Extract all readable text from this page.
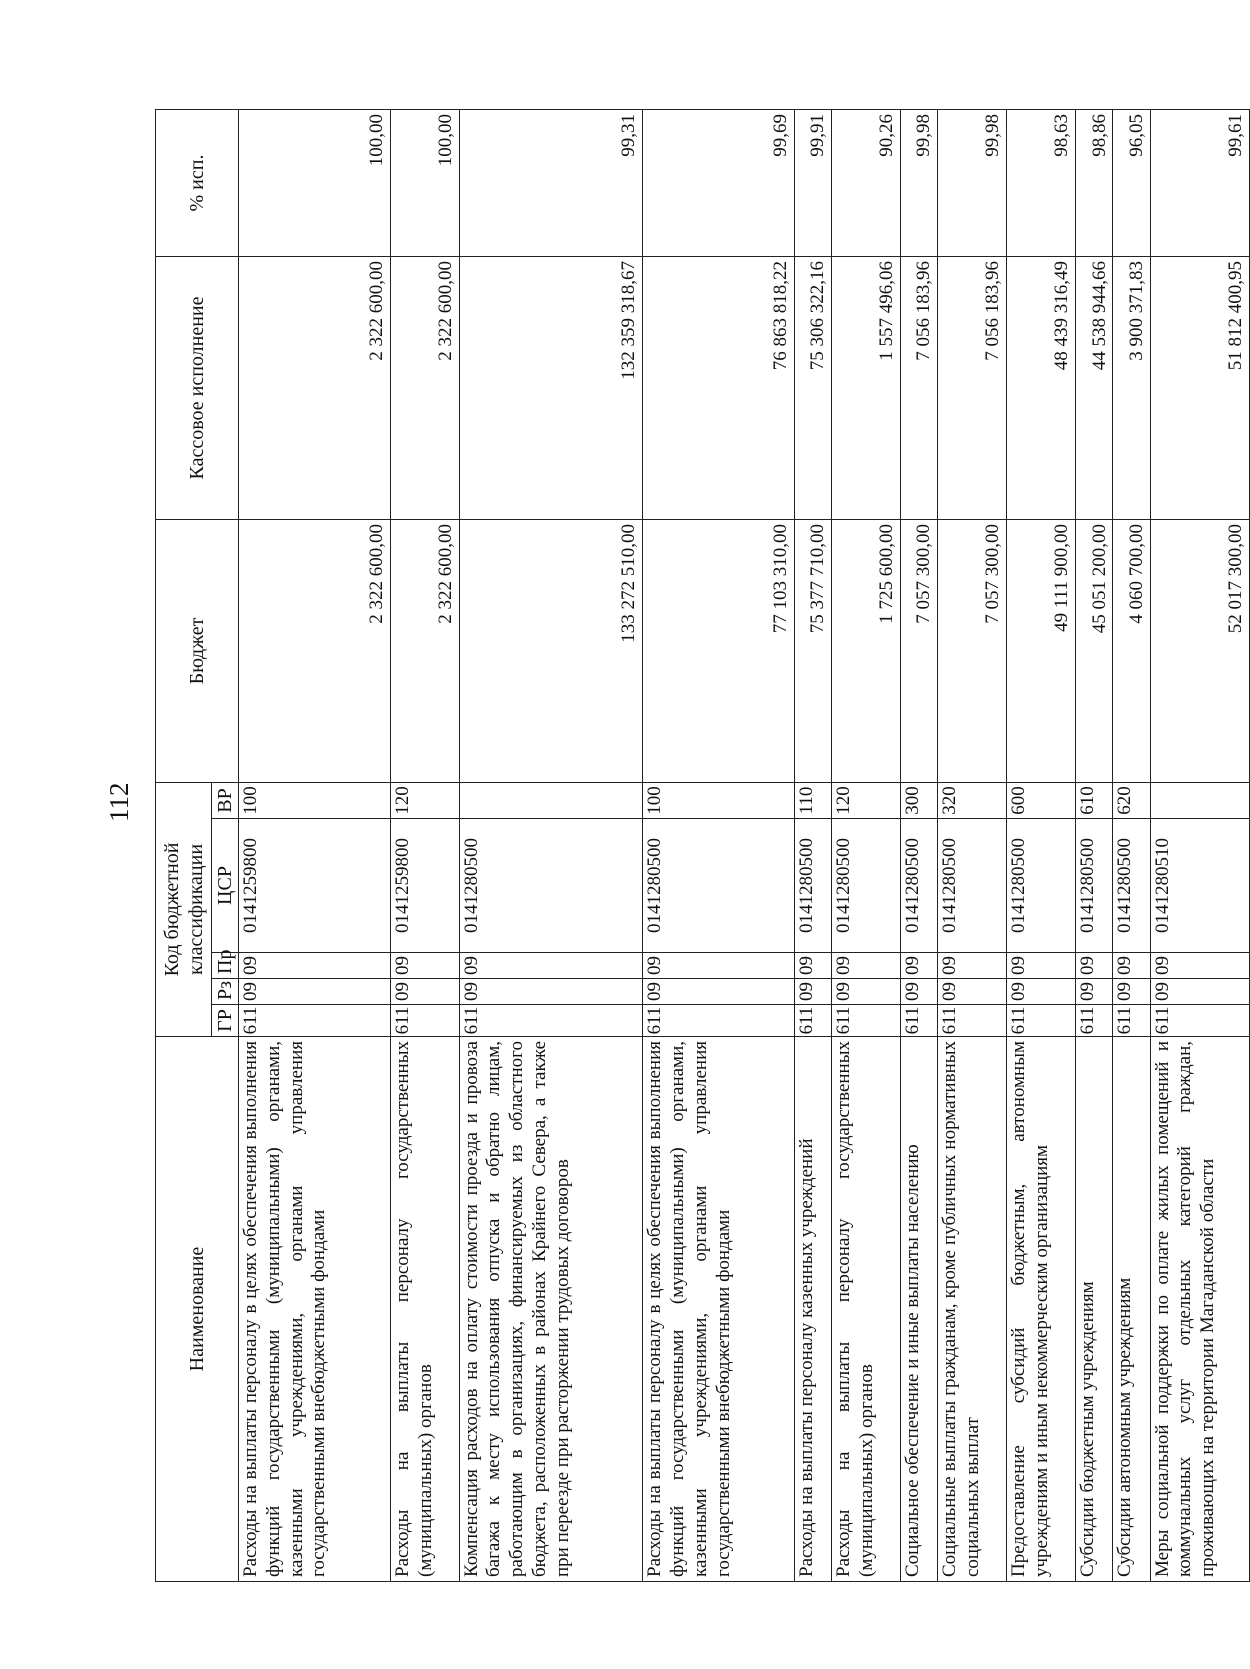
112
Наименование	Код бюджетной классификации					Бюджет	Кассовое исполнение	% исп.
	ГР	Рз	Пр	ЦСР	ВР			
Расходы на выплаты персоналу в целях обеспечения выполнения функций государственными (муниципальными) органами, казенными учреждениями, органами управления государственными внебюджетными фондами	611	09	09	0141259800	100	2 322 600,00	2 322 600,00	100,00
Расходы на выплаты персоналу государственных (муниципальных) органов	611	09	09	0141259800	120	2 322 600,00	2 322 600,00	100,00
Компенсация расходов на оплату стоимости проезда и провоза багажа к месту использования отпуска и обратно лицам, работающим в организациях, финансируемых из областного бюджета, расположенных в районах Крайнего Севера, а также при переезде при расторжении трудовых договоров	611	09	09	0141280500		133 272 510,00	132 359 318,67	99,31
Расходы на выплаты персоналу в целях обеспечения выполнения функций государственными (муниципальными) органами, казенными учреждениями, органами управления государственными внебюджетными фондами	611	09	09	0141280500	100	77 103 310,00	76 863 818,22	99,69
Расходы на выплаты персоналу казенных учреждений	611	09	09	0141280500	110	75 377 710,00	75 306 322,16	99,91
Расходы на выплаты персоналу государственных (муниципальных) органов	611	09	09	0141280500	120	1 725 600,00	1 557 496,06	90,26
Социальное обеспечение и иные выплаты населению	611	09	09	0141280500	300	7 057 300,00	7 056 183,96	99,98
Социальные выплаты гражданам, кроме публичных нормативных социальных выплат	611	09	09	0141280500	320	7 057 300,00	7 056 183,96	99,98
Предоставление субсидий бюджетным, автономным учреждениям и иным некоммерческим организациям	611	09	09	0141280500	600	49 111 900,00	48 439 316,49	98,63
Субсидии бюджетным учреждениям	611	09	09	0141280500	610	45 051 200,00	44 538 944,66	98,86
Субсидии автономным учреждениям	611	09	09	0141280500	620	4 060 700,00	3 900 371,83	96,05
Меры социальной поддержки по оплате жилых помещений и коммунальных услуг отдельных категорий граждан, проживающих на территории Магаданской области	611	09	09	0141280510		52 017 300,00	51 812 400,95	99,61
